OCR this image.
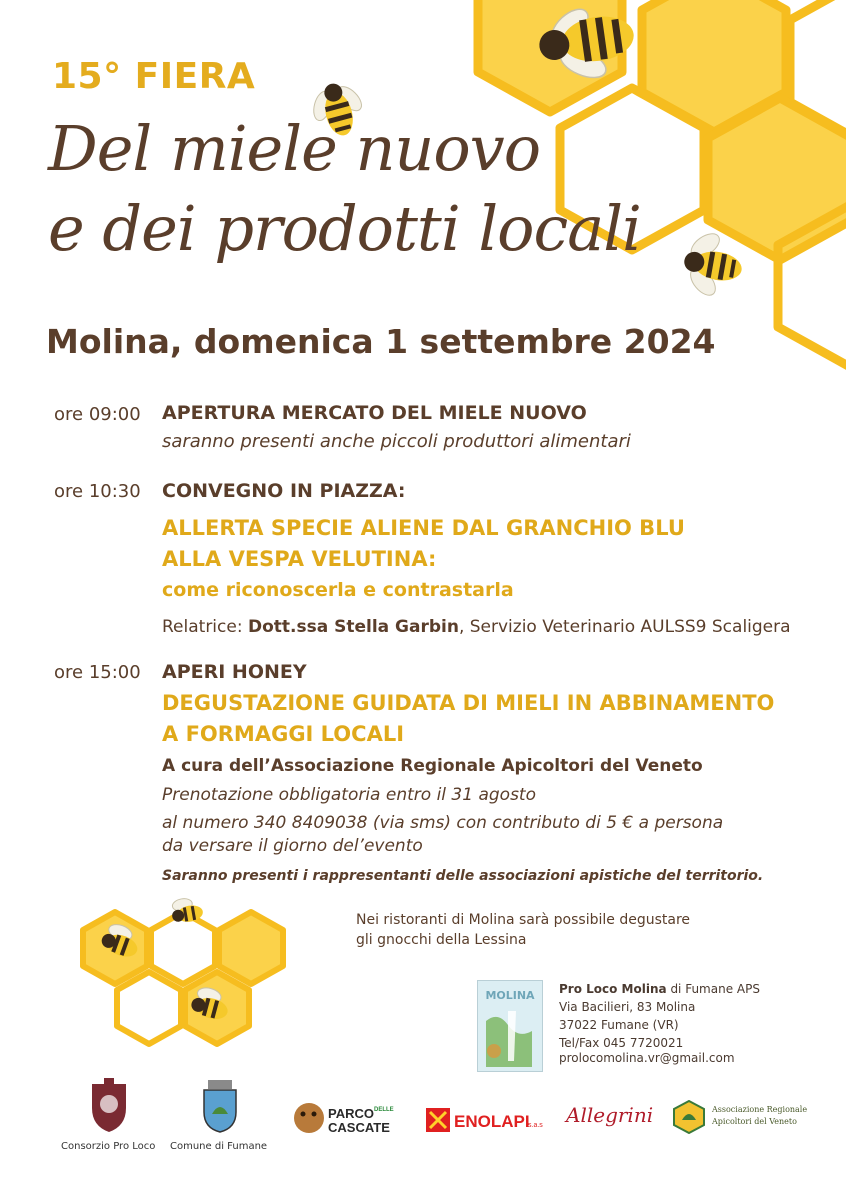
15° FIERA
Del miele nuovo
e dei prodotti locali
Molina, domenica 1 settembre 2024
ore 09:00 APERTURA MERCATO DEL MIELE NUOVO
saranno presenti anche piccoli produttori alimentari
ore 10:30 CONVEGNO IN PIAZZA:
ALLERTA SPECIE ALIENE DAL GRANCHIO BLU
ALLA VESPA VELUTINA:
come riconoscerla e contrastarla
Relatrice: Dott.ssa Stella Garbin, Servizio Veterinario AULSS9 Scaligera
ore 15:00 APERI HONEY
DEGUSTAZIONE GUIDATA DI MIELI IN ABBINAMENTO
A FORMAGGI LOCALI
A cura dell’Associazione Regionale Apicoltori del Veneto
Prenotazione obbligatoria entro il 31 agosto
al numero 340 8409038 (via sms) con contributo di 5 € a persona
da versare il giorno del’evento
Saranno presenti i rappresentanti delle associazioni apistiche del territorio.
Nei ristoranti di Molina sarà possibile degustare
gli gnocchi della Lessina
MOLINA Pro Loco Molina di Fumane APS
Via Bacilieri, 83 Molina
37022 Fumane (VR)
Tel/Fax 045 7720021
prolocomolina.vr@gmail.com
Consorzio Pro Loco Comune di Fumane
PARCO DELLE
CASCATE	ENOLAPI
s.a.s Allegrini	Associazione Regionale
Apicoltori del Veneto
